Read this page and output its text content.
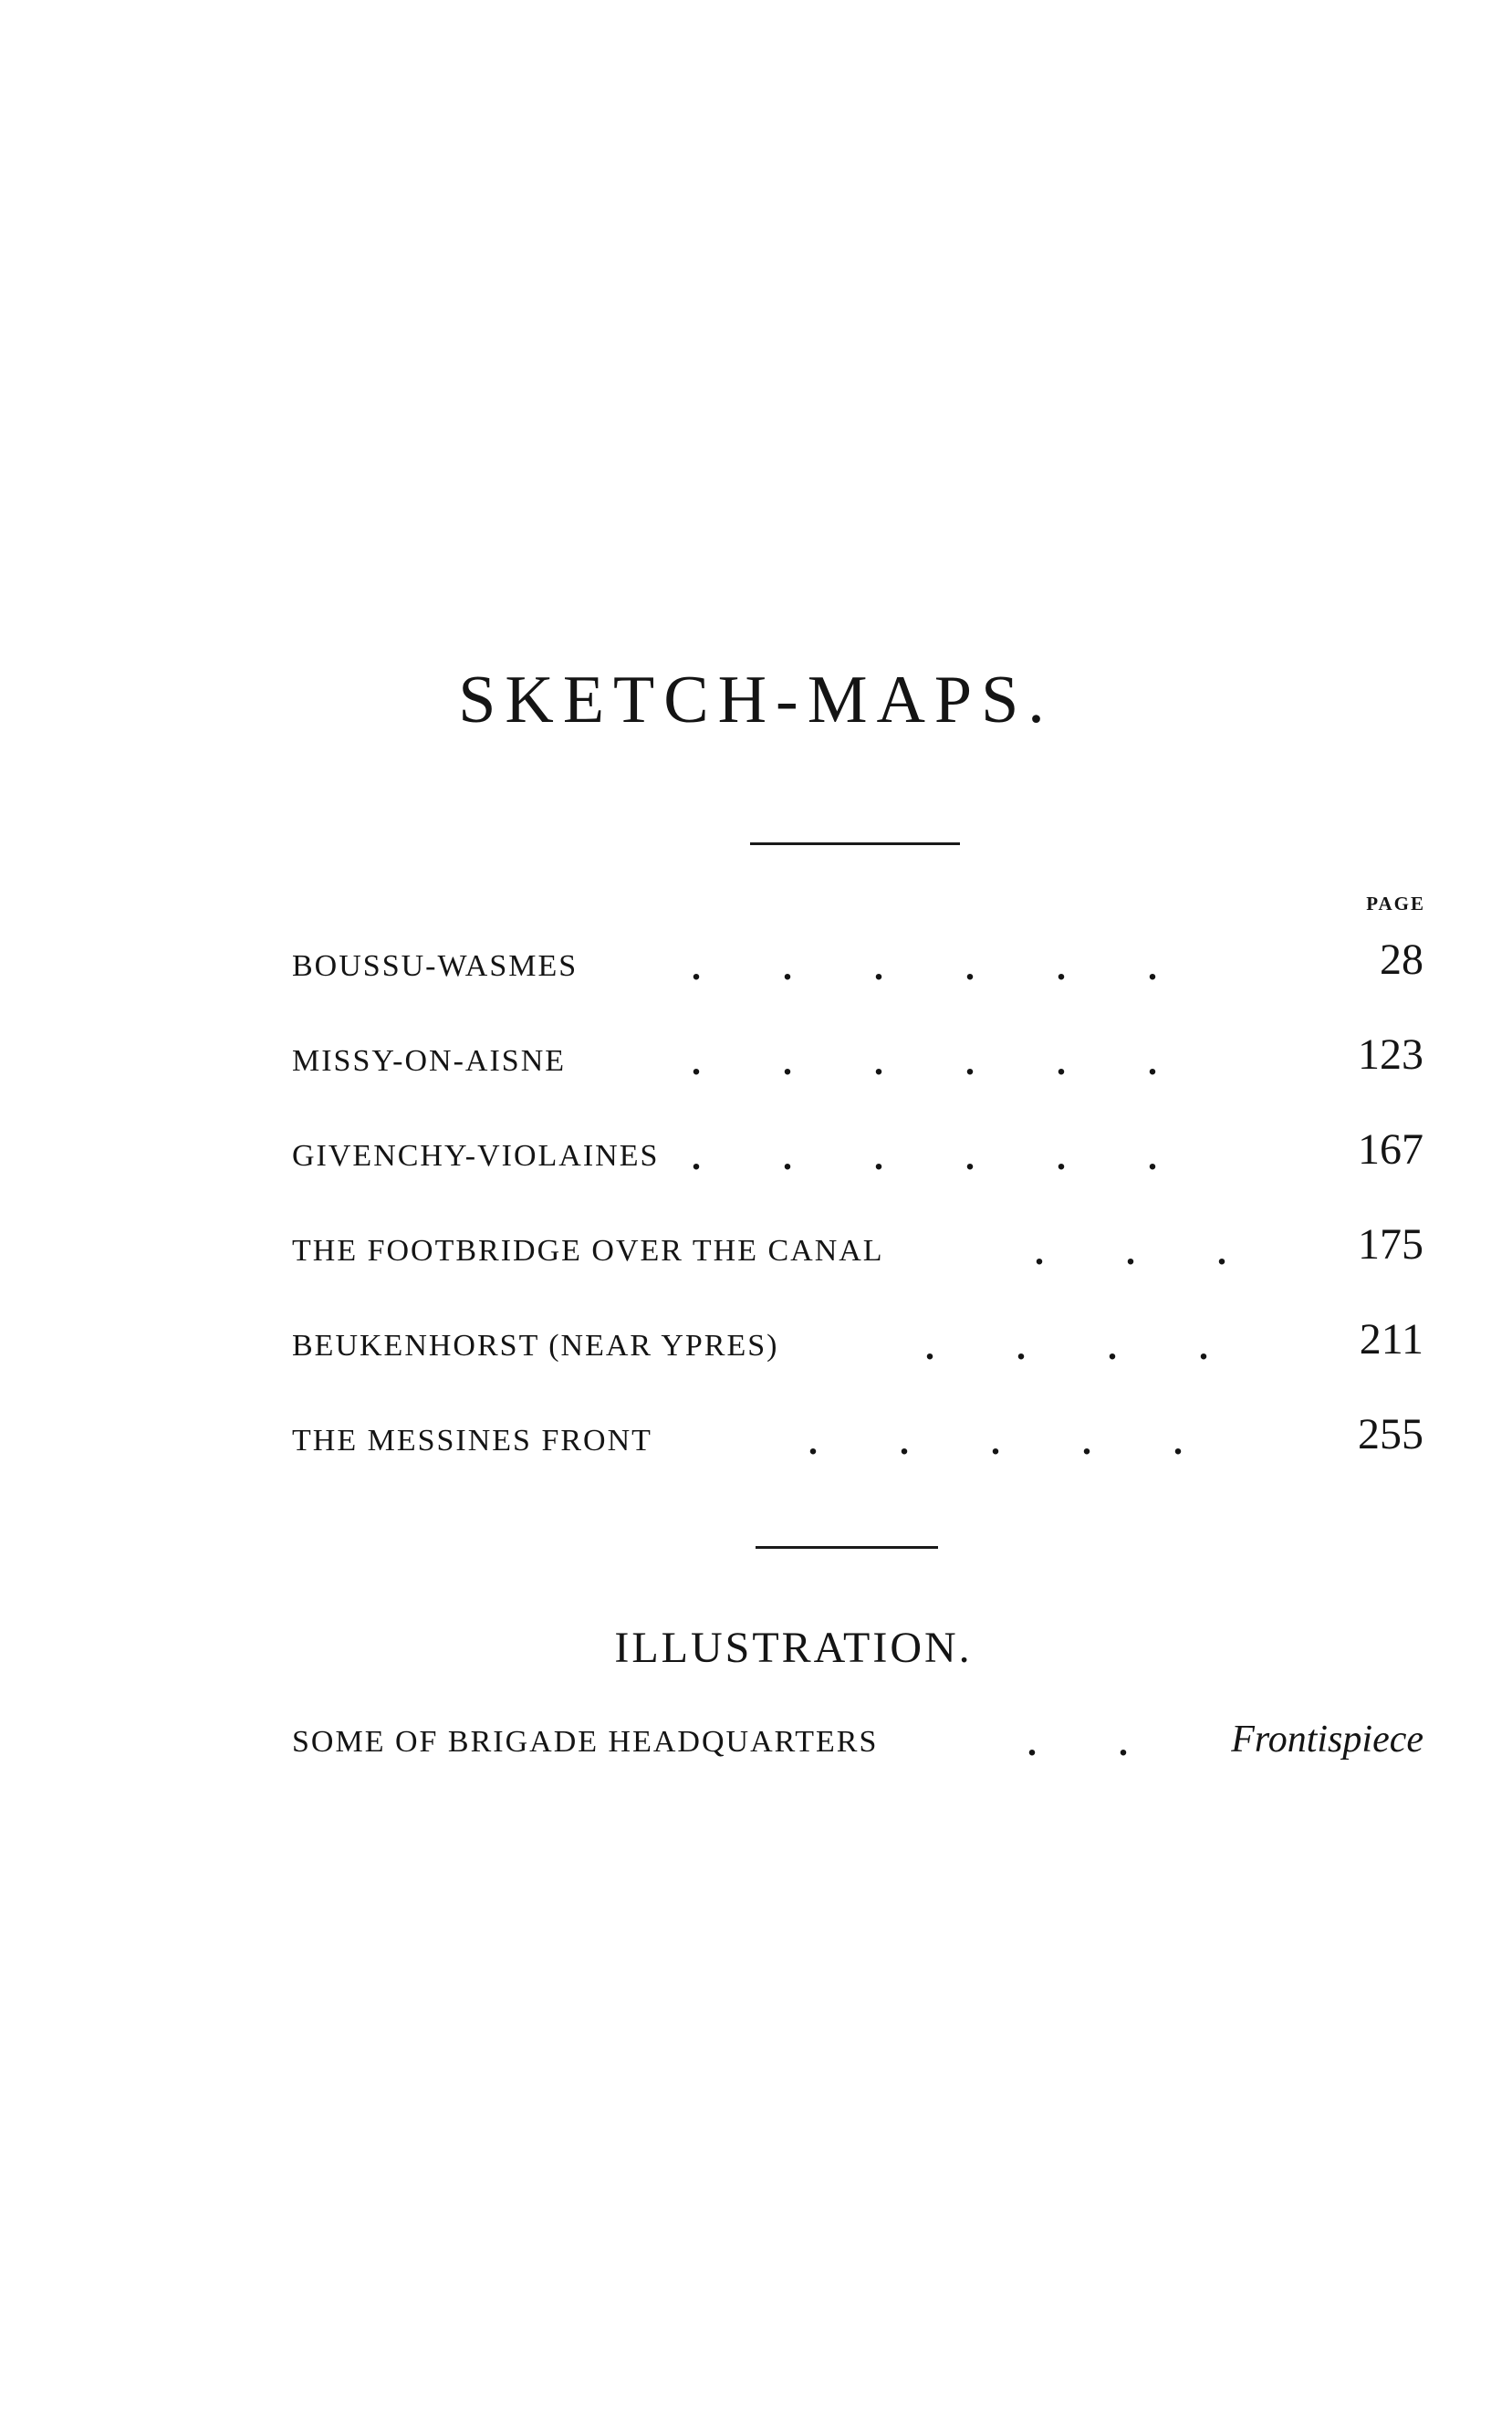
SKETCH-MAPS.
PAGE
BOUSSU-WASMES	.         .         .         .         .         .	28
MISSY-ON-AISNE	.         .         .         .         .         .	123
GIVENCHY-VIOLAINES .         .         .         .         .         .	167
THE FOOTBRIDGE OVER THE CANAL	.         .         .	175
BEUKENHORST (NEAR YPRES)	.         .         .         .	211
THE MESSINES FRONT	.         .         .         .         .	255
ILLUSTRATION.
SOME OF BRIGADE HEADQUARTERS	.         .	Frontispiece
